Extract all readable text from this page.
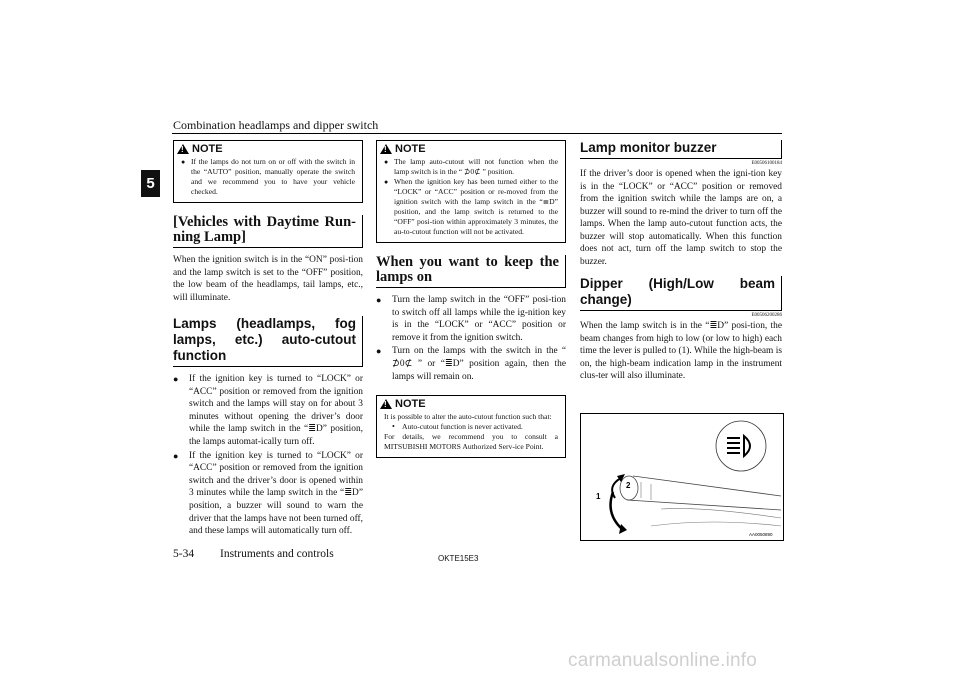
Combination headlamps and dipper switch
5
!
NOTE
● If the lamps do not turn on or off with the switch in the “AUTO” position, manually operate the switch and we recommend you to have your vehicle checked.
[Vehicles with Daytime Run-ning Lamp]

When the ignition switch is in the “ON” posi-tion and the lamp switch is set to the “OFF” position, the low beam of the headlamps, tail lamps, etc., will illuminate.

Lamps (headlamps, fog lamps, etc.) auto-cutout function
● If the ignition key is turned to “LOCK” or “ACC” position or removed from the ignition switch and the lamps will stay on for about 3 minutes without opening the driver’s door while the lamp switch in the “≣D” position, the lamps automat-ically turn off.
● If the ignition key is turned to “LOCK” or “ACC” position or removed from the ignition switch and the driver’s door is opened within 3 minutes while the lamp switch in the “≣D” position, a buzzer will sound to warn the driver that the lamps have not been turned off, and these lamps will automatically turn off.
!
NOTE
● The lamp auto-cutout will not function when the lamp switch is in the “ ⊅0⊄ ” position.
● When the ignition key has been turned either to the “LOCK” or “ACC” position or re-moved from the ignition switch with the lamp switch in the “≣D” position, and the lamp switch is returned to the “OFF” posi-tion within approximately 3 minutes, the au-to-cutout function will not be activated.
When you want to keep the lamps on
● Turn the lamp switch in the “OFF” posi-tion to switch off all lamps while the ig-nition key is in the “LOCK” or “ACC” position or remove it from the ignition switch.
● Turn on the lamps with the switch in the “ ⊅0⊄ ” or “≣D” position again, then the lamps will remain on.
!
NOTE

It is possible to alter the auto-cutout function such that:

• Auto-cutout function is never activated.

For details, we recommend you to consult a MITSUBISHI MOTORS Authorized Serv-ice Point.

Lamp monitor buzzer
E00506100184

If the driver’s door is opened when the igni-tion key is in the “LOCK” or “ACC” position or removed from the ignition switch while the lamps are on, a buzzer will sound to re-mind the driver to turn off the lamps. When the lamp auto-cutout function acts, the buzzer will stop automatically. When this function does not act, turn off the lamp switch to stop the buzzer.

Dipper (High/Low beam change)
E00506200286

When the lamp switch is in the “≣D” posi-tion, the beam changes from high to low (or low to high) each time the lever is pulled to (1). While the high-beam is on, the high-beam indication lamp in the instrument clus-ter will also illuminate.

1
2
AA0050890
5-34 Instruments and controls	OKTE15E3
carmanualsonline.info
